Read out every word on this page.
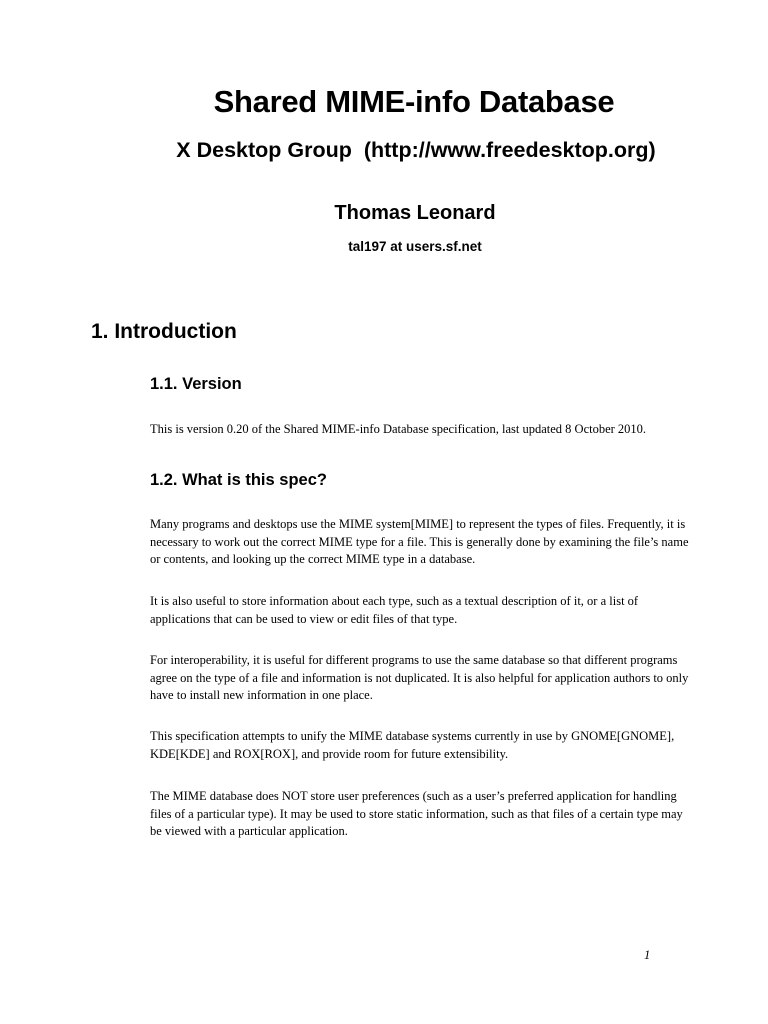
Shared MIME-info Database
X Desktop Group  (http://www.freedesktop.org)
Thomas Leonard
tal197 at users.sf.net
1. Introduction
1.1. Version
This is version 0.20 of the Shared MIME-info Database specification, last updated 8 October 2010.
1.2. What is this spec?
Many programs and desktops use the MIME system[MIME] to represent the types of files. Frequently, it is necessary to work out the correct MIME type for a file. This is generally done by examining the file’s name or contents, and looking up the correct MIME type in a database.
It is also useful to store information about each type, such as a textual description of it, or a list of applications that can be used to view or edit files of that type.
For interoperability, it is useful for different programs to use the same database so that different programs agree on the type of a file and information is not duplicated. It is also helpful for application authors to only have to install new information in one place.
This specification attempts to unify the MIME database systems currently in use by GNOME[GNOME], KDE[KDE] and ROX[ROX], and provide room for future extensibility.
The MIME database does NOT store user preferences (such as a user’s preferred application for handling files of a particular type). It may be used to store static information, such as that files of a certain type may be viewed with a particular application.
1
